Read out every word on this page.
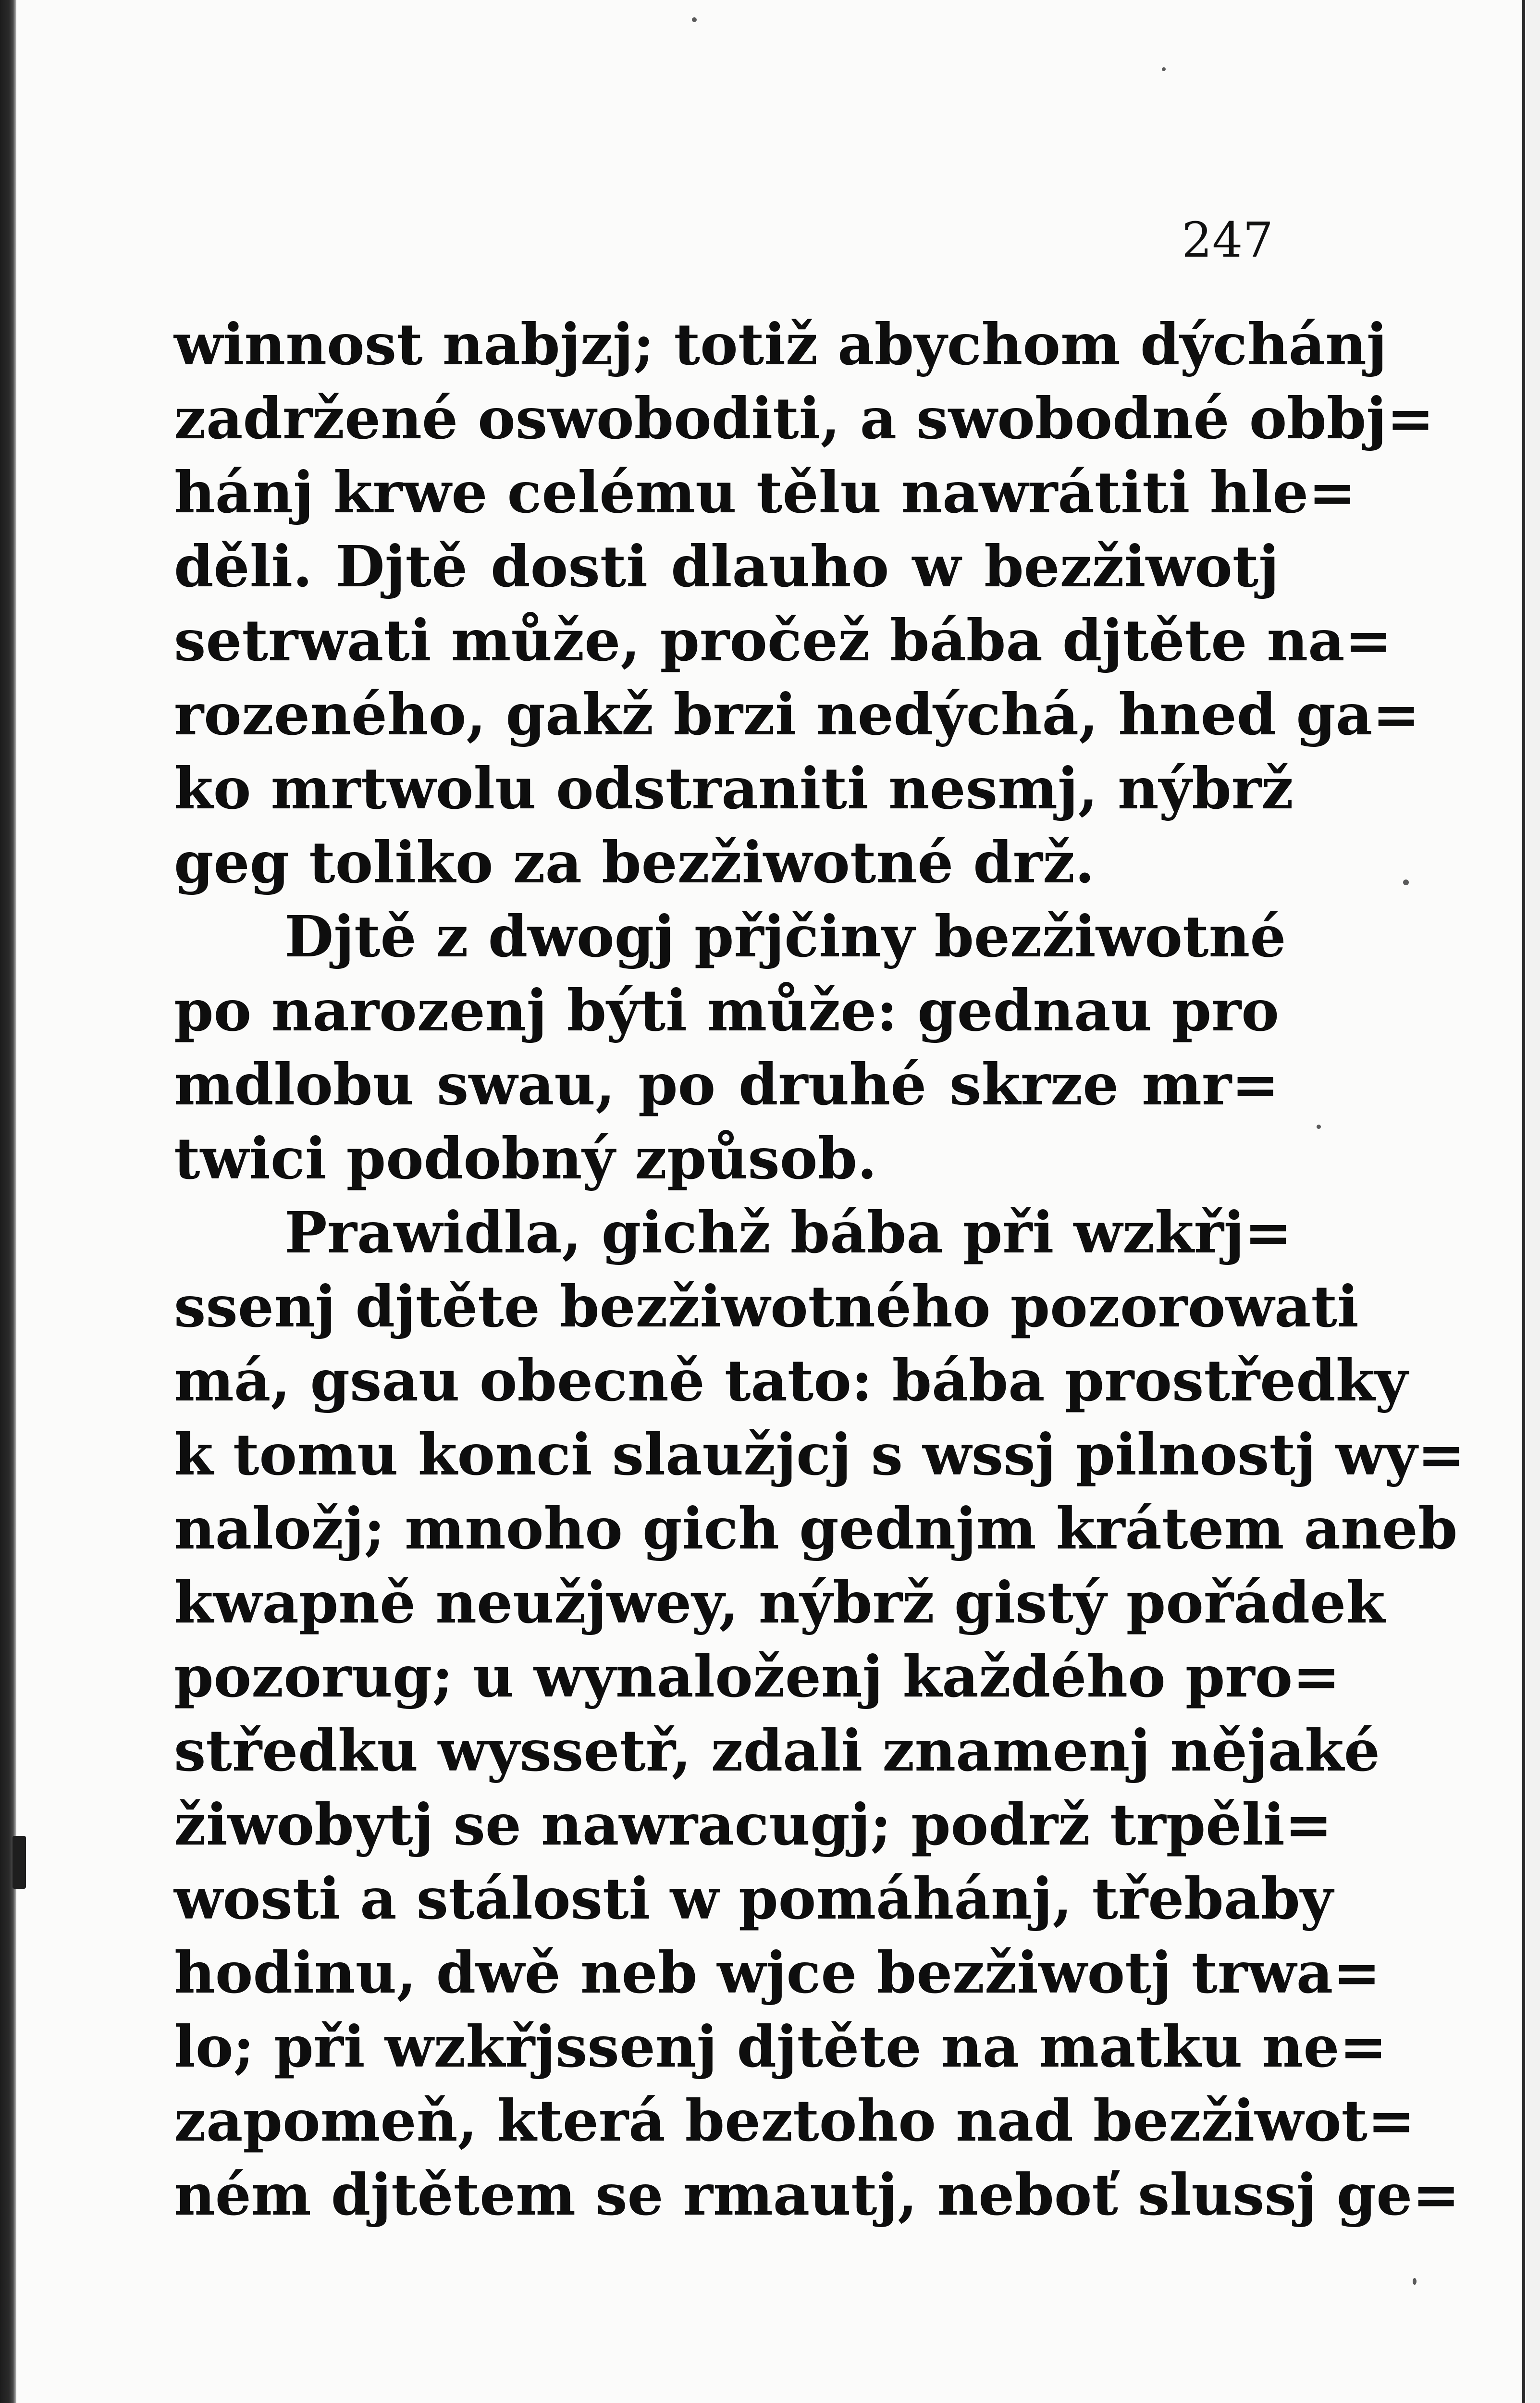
247
winnost nabjzj; totiž abychom dýchánj
zadržené oswoboditi, a swobodné obbj=
hánj krwe celému tělu nawrátiti hle=
děli. Djtě dosti dlauho w bezžiwotj
setrwati může, pročež bába djtěte na=
rozeného, gakž brzi nedýchá, hned ga=
ko mrtwolu odstraniti nesmj, nýbrž
geg toliko za bezžiwotné drž.
Djtě z dwogj přjčiny bezžiwotné
po narozenj býti může: gednau pro
mdlobu swau, po druhé skrze mr=
twici podobný způsob.
Prawidla, gichž bába při wzkřj=
ssenj djtěte bezžiwotného pozorowati
má, gsau obecně tato: bába prostředky
k tomu konci slaužjcj s wssj pilnostj wy=
naložj; mnoho gich gednjm krátem aneb
kwapně neužjwey, nýbrž gistý pořádek
pozorug; u wynaloženj každého pro=
středku wyssetř, zdali znamenj nějaké
žiwobytj se nawracugj; podrž trpěli=
wosti a stálosti w pomáhánj, třebaby
hodinu, dwě neb wjce bezžiwotj trwa=
lo; při wzkřjssenj djtěte na matku ne=
zapomeň, která beztoho nad bezžiwot=
ném djtětem se rmautj, neboť slussj ge=
